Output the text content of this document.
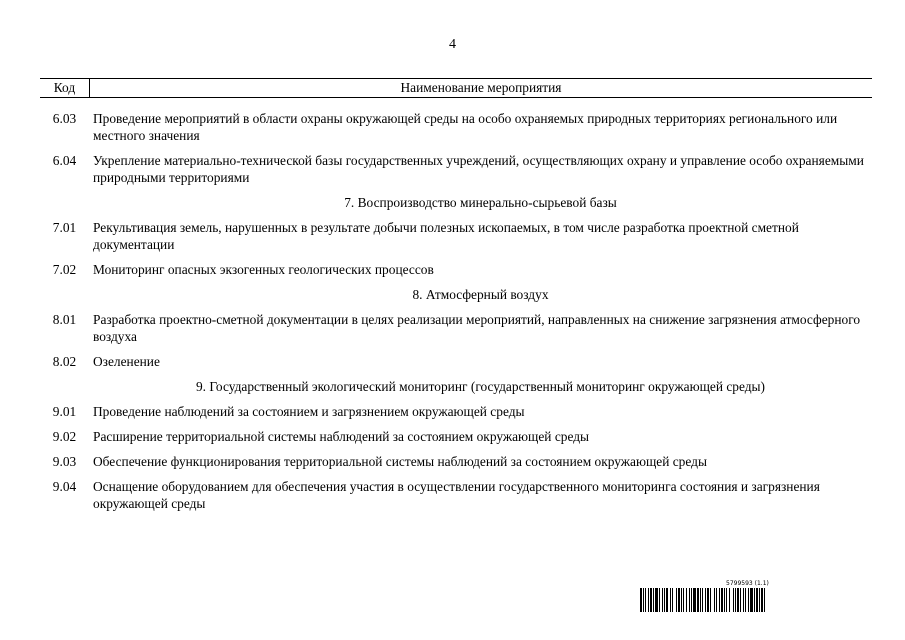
4
Код	Наименование мероприятия
6.03	Проведение мероприятий в области охраны окружающей среды на особо охраняемых природных территориях регионального или местного значения
6.04	Укрепление материально-технической базы государственных учреждений, осуществляющих охрану и управление особо охраняемыми природными территориями
7. Воспроизводство минерально-сырьевой базы
7.01	Рекультивация земель, нарушенных в результате добычи полезных ископаемых, в том числе разработка проектной сметной документации
7.02	Мониторинг опасных экзогенных геологических процессов
8. Атмосферный воздух
8.01	Разработка проектно-сметной документации в целях реализации мероприятий, направленных на снижение загрязнения атмосферного воздуха
8.02	Озеленение
9. Государственный экологический мониторинг (государственный мониторинг окружающей среды)
9.01	Проведение наблюдений за состоянием и загрязнением окружающей среды
9.02	Расширение территориальной системы наблюдений за состоянием окружающей среды
9.03	Обеспечение функционирования территориальной системы наблюдений за состоянием окружающей среды
9.04	Оснащение оборудованием для обеспечения участия в осуществлении государственного мониторинга состояния и загрязнения окружающей среды
5799593 (1.1)
